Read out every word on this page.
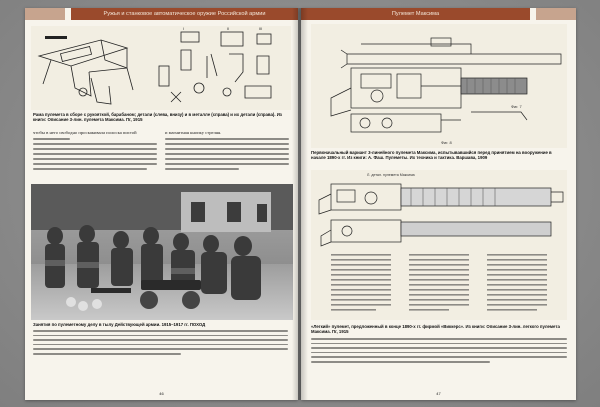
Ружья и станковое автоматическое оружие Российской армии
I	II	III
Рама пулемета в сборе с рукояткой, барабаном; детали (слева, внизу) и в металле (справа) и их детали (справа). Из книги: Описание 3-лин. пулемета Максима. Пг, 1915
чтобы в него свободно проскакивала полоска пистой	и магнитная кнопку стреляя.
Занятия по пулеметному делу в тылу Действующей армии. 1915–1917 гг. ПОХОД
46
Пулемет Максима
Фиг. 7
Фиг. 8
Первоначальный вариант 3-линейного пулемета Максима, испытывавшийся перед принятием на вооружение в начале 1890-х гг. Из книги: А. Фаш. Пулеметы. Их техника и тактика. Варшава, 1909
Л. детал. пулемета Максима
«Легкий» пулемет, предложенный в конце 1890-х гг. фирмой «Виккерс». Из книги: Описание 3-лин. легкого пулемета Максима. Пг, 1915
47
